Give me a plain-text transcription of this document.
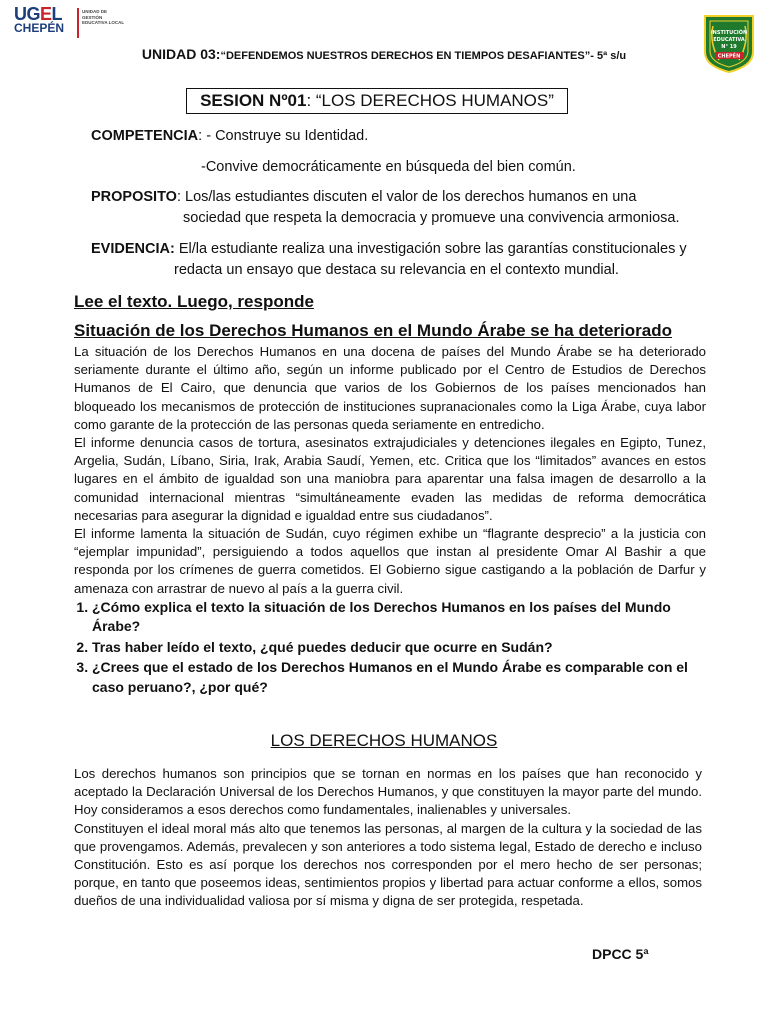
UGEL
CHEPÉN
UNIDAD DE
GESTIÓN
EDUCATIVA LOCAL
INSTITUCIÓN
EDUCATIVA
N° 19
CHEPÉN
UNIDAD 03:“DEFENDEMOS NUESTROS DERECHOS EN TIEMPOS DESAFIANTES”- 5ª s/u
SESION Nº01: “LOS DERECHOS HUMANOS”
COMPETENCIA: - Construye su Identidad.
-Convive democráticamente en búsqueda del bien común.
PROPOSITO: Los/las estudiantes discuten el valor de los derechos humanos en una
sociedad que respeta la democracia y promueve una convivencia armoniosa.
EVIDENCIA: El/la estudiante realiza una investigación sobre las garantías constitucionales y
redacta un ensayo que destaca su relevancia en el contexto mundial.
Lee el texto. Luego, responde
Situación de los Derechos Humanos en el Mundo Árabe se ha deteriorado

La situación de los Derechos Humanos en una docena de países del Mundo Árabe se ha deteriorado seriamente durante el último año, según un informe publicado por el Centro de Estudios de Derechos Humanos de El Cairo, que denuncia que varios de los Gobiernos de los países mencionados han bloqueado los mecanismos de protección de instituciones supranacionales como la Liga Árabe, cuya labor como garante de la protección de las personas queda seriamente en entredicho.

El informe denuncia casos de tortura, asesinatos extrajudiciales y detenciones ilegales en Egipto, Tunez, Argelia, Sudán, Líbano, Siria, Irak, Arabia Saudí, Yemen, etc. Critica que los “limitados” avances en estos lugares en el ámbito de igualdad son una maniobra para aparentar una falsa imagen de desarrollo a la comunidad internacional mientras “simultáneamente evaden las medidas de reforma democrática necesarias para asegurar la dignidad e igualdad entre sus ciudadanos”.

El informe lamenta la situación de Sudán, cuyo régimen exhibe un “flagrante desprecio” a la justicia con “ejemplar impunidad”, persiguiendo a todos aquellos que instan al presidente Omar Al Bashir a que responda por los crímenes de guerra cometidos. El Gobierno sigue castigando a la población de Darfur y amenaza con arrastrar de nuevo al país a la guerra civil.

1. ¿Cómo explica el texto la situación de los Derechos Humanos en los países del Mundo Árabe?
2. Tras haber leído el texto, ¿qué puedes deducir que ocurre en Sudán?
3. ¿Crees que el estado de los Derechos Humanos en el Mundo Árabe es comparable con el caso peruano?, ¿por qué?
LOS DERECHOS HUMANOS

Los derechos humanos son principios que se tornan en normas en los países que han reconocido y aceptado la Declaración Universal de los Derechos Humanos, y que constituyen la mayor parte del mundo. Hoy consideramos a esos derechos como fundamentales, inalienables y universales.

Constituyen el ideal moral más alto que tenemos las personas, al margen de la cultura y la sociedad de las que provengamos. Además, prevalecen y son anteriores a todo sistema legal, Estado de derecho e incluso Constitución. Esto es así porque los derechos nos corresponden por el mero hecho de ser personas; porque, en tanto que poseemos ideas, sentimientos propios y libertad para actuar conforme a ellos, somos dueños de una individualidad valiosa por sí misma y digna de ser protegida, respetada.

DPCC 5ª
